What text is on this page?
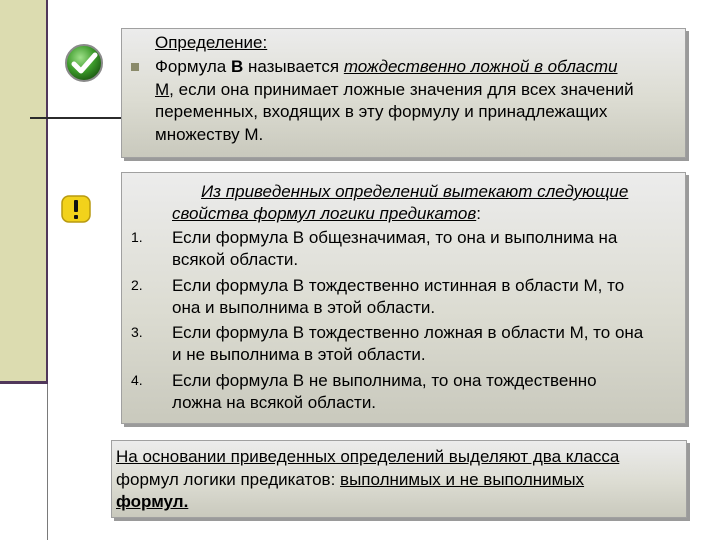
Определение:
Формула B называется тождественно ложной в области
M, если она принимает ложные значения для всех значений
переменных, входящих в эту формулу и принадлежащих
множеству M.
Из приведенных определений вытекают следующие
свойства формул логики предикатов:
1. Если формула B общезначимая, то она и выполнима на
всякой области.
2. Если формула B тождественно истинная в области M, то
она и выполнима в этой области.
3. Если формула B тождественно ложная в области M, то она
и не выполнима в этой области.
4. Если формула B не выполнима, то она тождественно
ложна на всякой области.
На основании приведенных определений выделяют два класса
формул логики предикатов: выполнимых и не выполнимых
формул.
